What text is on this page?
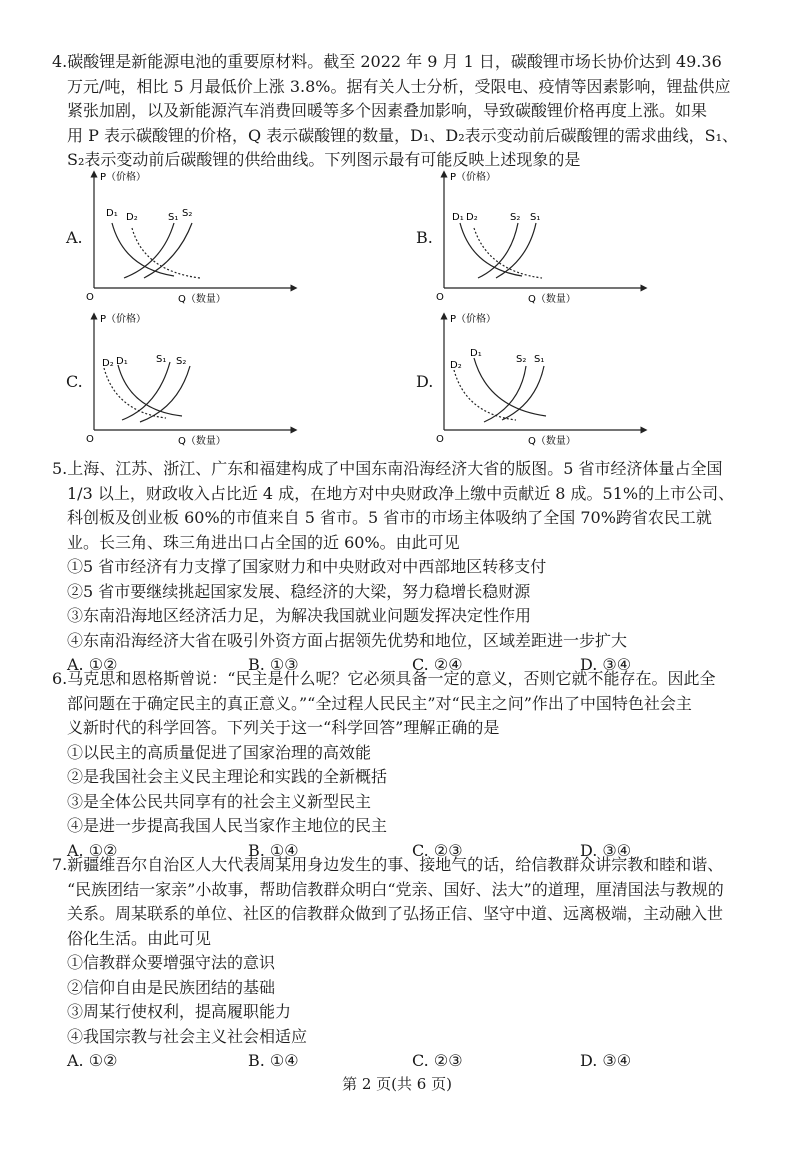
4.碳酸锂是新能源电池的重要原材料。截至 2022 年 9 月 1 日，碳酸锂市场长协价达到 49.36
万元/吨，相比 5 月最低价上涨 3.8%。据有关人士分析，受限电、疫情等因素影响，锂盐供应
紧张加剧，以及新能源汽车消费回暖等多个因素叠加影响，导致碳酸锂价格再度上涨。如果
用 P 表示碳酸锂的价格，Q 表示碳酸锂的数量，D₁、D₂表示变动前后碳酸锂的需求曲线，S₁、
S₂表示变动前后碳酸锂的供给曲线。下列图示最有可能反映上述现象的是
A.
P（价格）
Q（数量）
O
D₁ D₂	S₁ S₂
B.
P（价格）
Q（数量）
O
D₁ D₂	S₂ S₁
C.
P（价格）
Q（数量）
O
D₂ D₁	S₁ S₂
D.
P（价格）
Q（数量）
O
D₂
D₁
S₂ S₁
5.上海、江苏、浙江、广东和福建构成了中国东南沿海经济大省的版图。5 省市经济体量占全国
1/3 以上，财政收入占比近 4 成，在地方对中央财政净上缴中贡献近 8 成。51%的上市公司、
科创板及创业板 60%的市值来自 5 省市。5 省市的市场主体吸纳了全国 70%跨省农民工就
业。长三角、珠三角进出口占全国的近 60%。由此可见
①5 省市经济有力支撑了国家财力和中央财政对中西部地区转移支付
②5 省市要继续挑起国家发展、稳经济的大梁，努力稳增长稳财源
③东南沿海地区经济活力足，为解决我国就业问题发挥决定性作用
④东南沿海经济大省在吸引外资方面占据领先优势和地位，区域差距进一步扩大
A. ①②	B. ①③	C. ②④	D. ③④
6.马克思和恩格斯曾说：“民主是什么呢？它必须具备一定的意义，否则它就不能存在。因此全
部问题在于确定民主的真正意义。”“全过程人民民主”对“民主之问”作出了中国特色社会主
义新时代的科学回答。下列关于这一“科学回答”理解正确的是
①以民主的高质量促进了国家治理的高效能
②是我国社会主义民主理论和实践的全新概括
③是全体公民共同享有的社会主义新型民主
④是进一步提高我国人民当家作主地位的民主
A. ①②	B. ①④	C. ②③	D. ③④
7.新疆维吾尔自治区人大代表周某用身边发生的事、接地气的话，给信教群众讲宗教和睦和谐、
“民族团结一家亲”小故事，帮助信教群众明白“党亲、国好、法大”的道理，厘清国法与教规的
关系。周某联系的单位、社区的信教群众做到了弘扬正信、坚守中道、远离极端，主动融入世
俗化生活。由此可见
①信教群众要增强守法的意识
②信仰自由是民族团结的基础
③周某行使权利，提高履职能力
④我国宗教与社会主义社会相适应
A. ①②	B. ①④	C. ②③	D. ③④
第 2 页(共 6 页)
